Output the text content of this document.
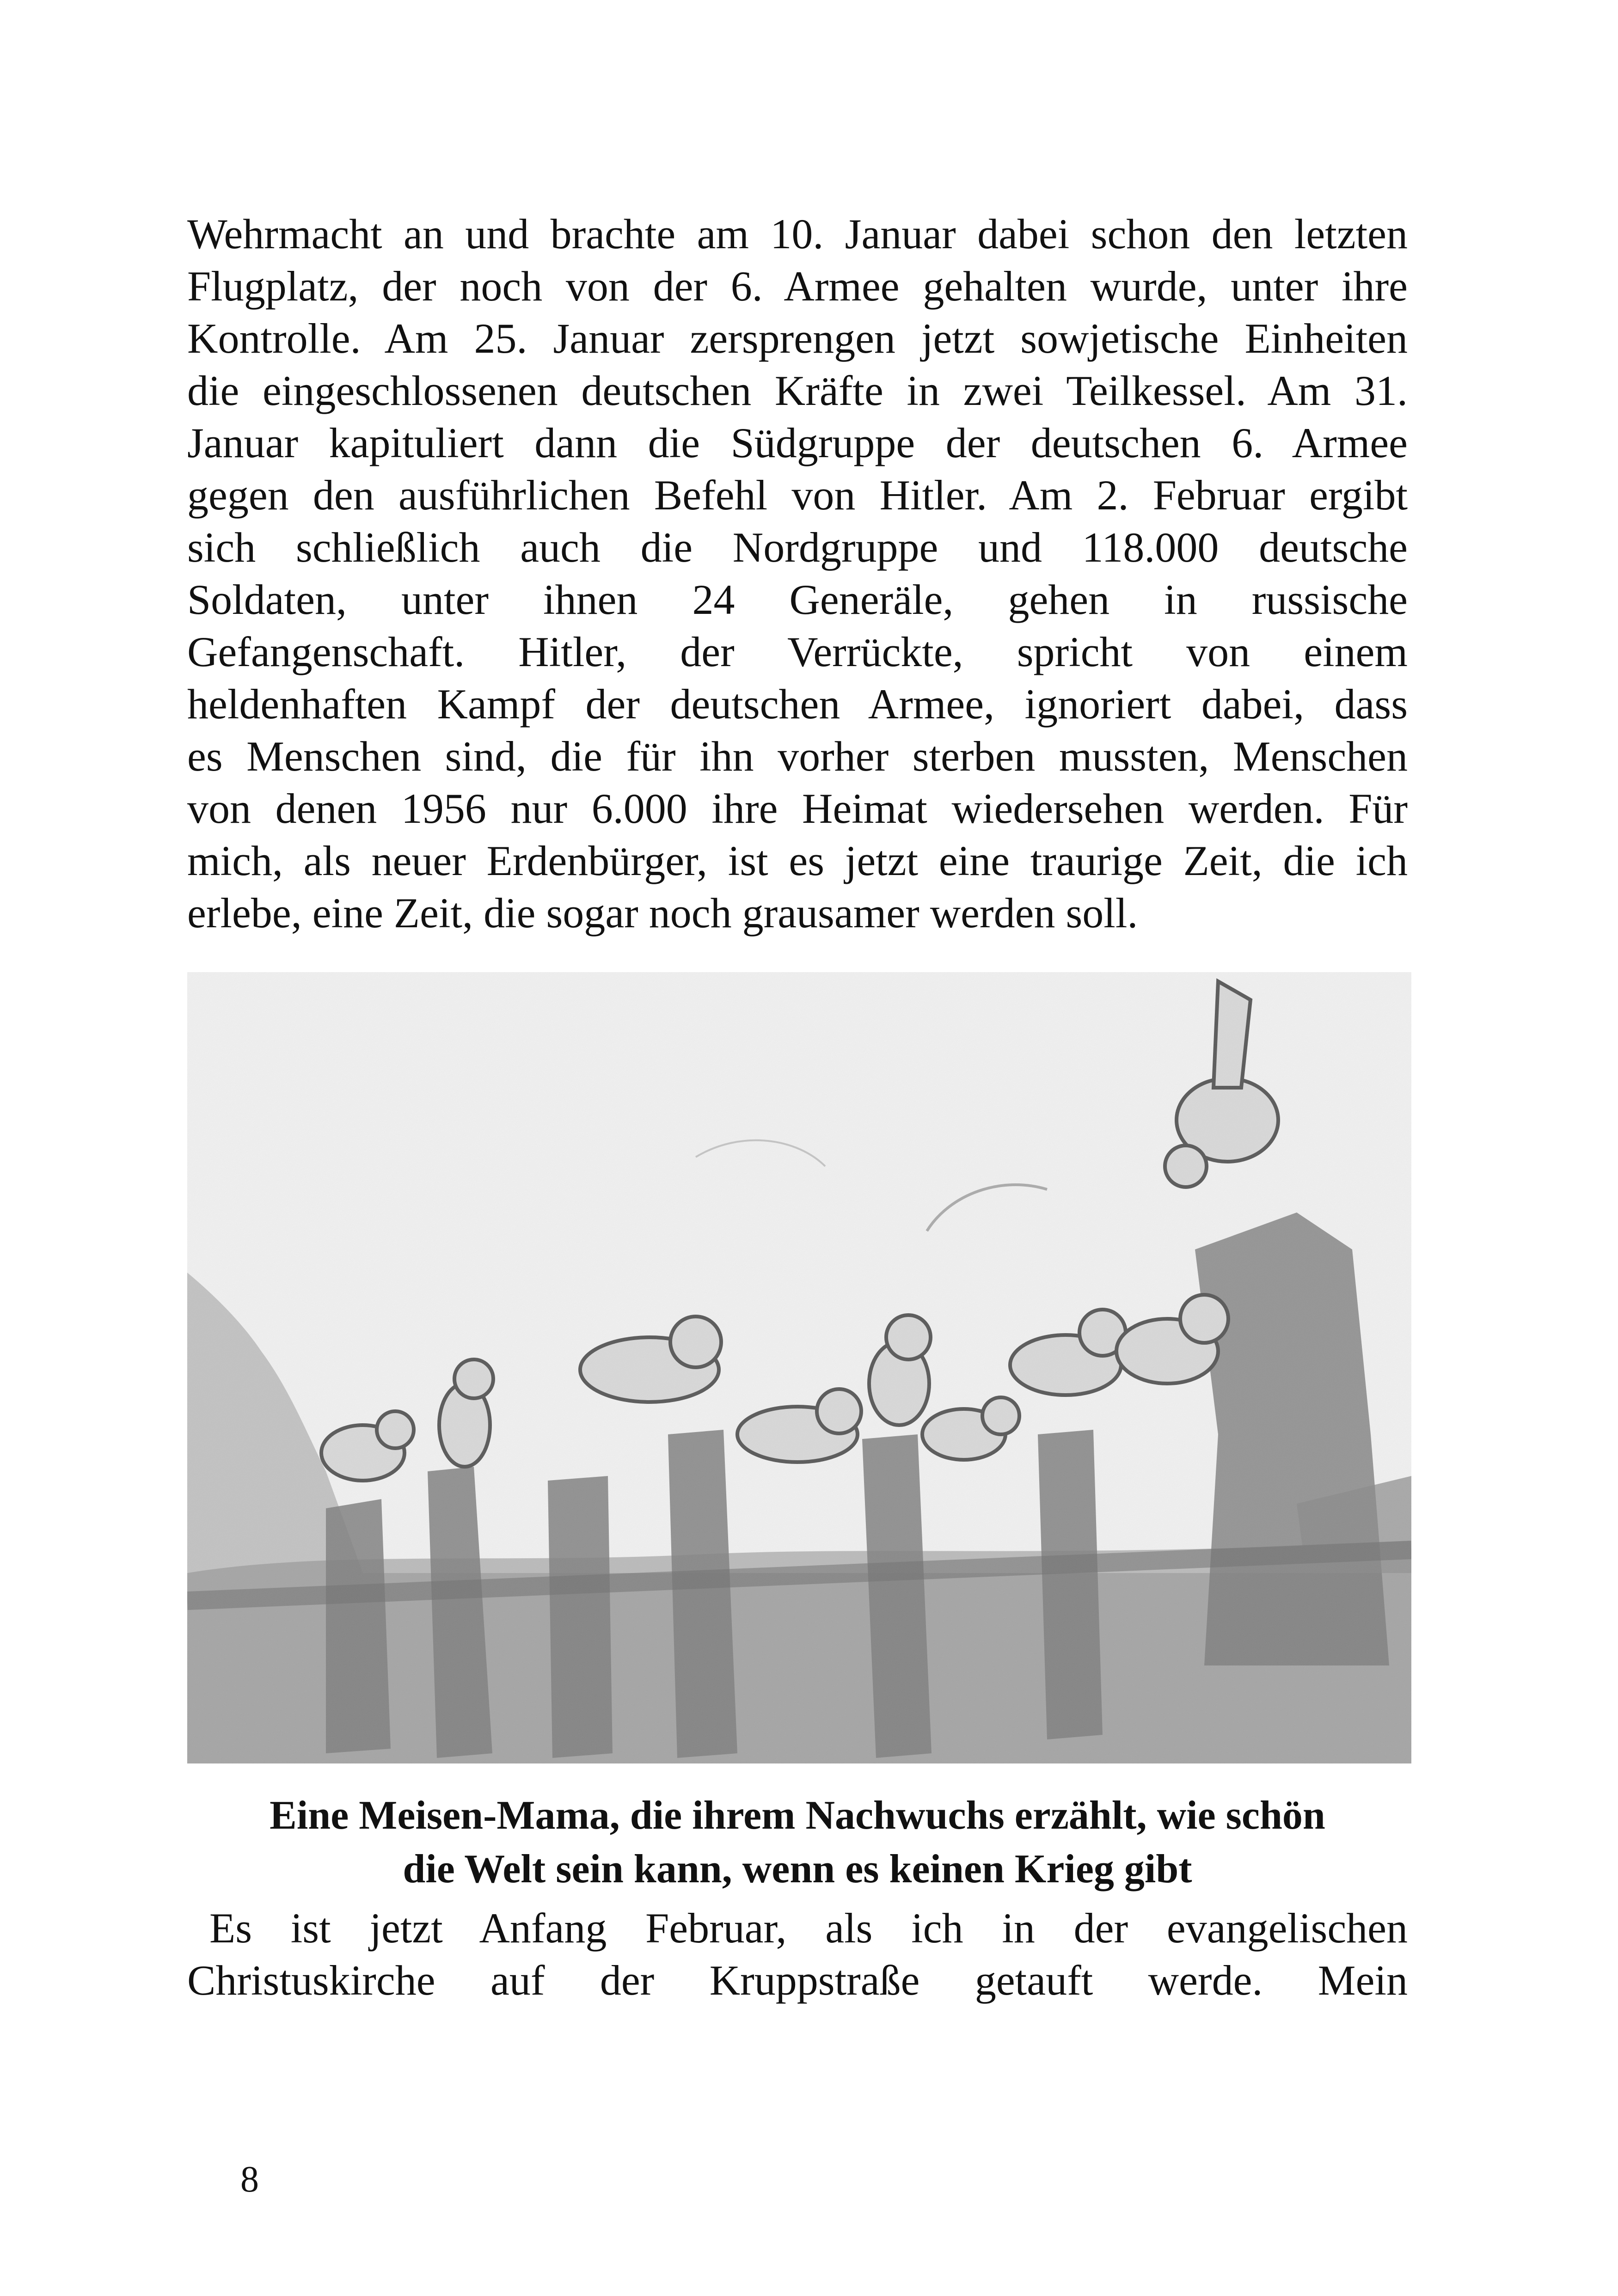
Wehrmacht an und brachte am 10. Januar dabei schon den letzten

Flugplatz, der noch von der 6. Armee gehalten wurde, unter ihre

Kontrolle. Am 25. Januar zersprengen jetzt sowjetische Einheiten

die eingeschlossenen deutschen Kräfte in zwei Teilkessel. Am 31.

Januar kapituliert dann die Südgruppe der deutschen 6. Armee

gegen den ausführlichen Befehl von Hitler. Am 2. Februar ergibt

sich schließlich auch die Nordgruppe und 118.000 deutsche

Soldaten, unter ihnen 24 Generäle, gehen in russische

Gefangenschaft. Hitler, der Verrückte, spricht von einem

heldenhaften Kampf der deutschen Armee, ignoriert dabei, dass

es Menschen sind, die für ihn vorher sterben mussten, Menschen

von denen 1956 nur 6.000 ihre Heimat wiedersehen werden. Für

mich, als neuer Erdenbürger, ist es jetzt eine traurige Zeit, die ich

erlebe, eine Zeit, die sogar noch grausamer werden soll.

Eine Meisen-Mama, die ihrem Nachwuchs erzählt, wie schön

die Welt sein kann, wenn es keinen Krieg gibt

Es ist jetzt Anfang Februar, als ich in der evangelischen

Christuskirche auf der Kruppstraße getauft werde. Mein

8
